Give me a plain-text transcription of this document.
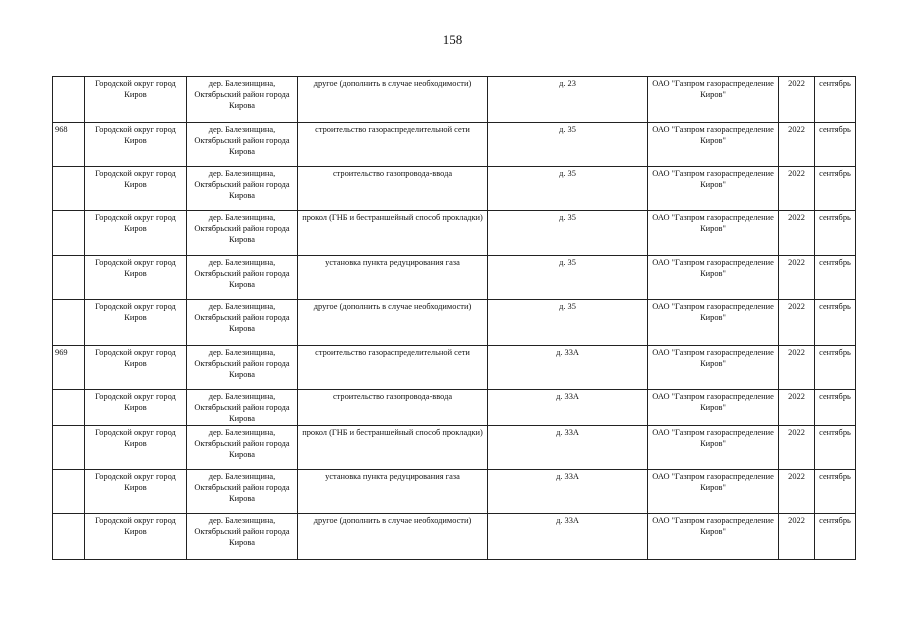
158
	Городской округ город Киров	дер. Балезинщина, Октябрьский район города Кирова	другое (дополнить в случае необходимости)	д. 23	ОАО "Газпром газораспределение Киров"	2022	сентябрь
968	Городской округ город Киров	дер. Балезинщина, Октябрьский район города Кирова	строительство газораспределительной сети	д. 35	ОАО "Газпром газораспределение Киров"	2022	сентябрь
	Городской округ город Киров	дер. Балезинщина, Октябрьский район города Кирова	строительство газопровода-ввода	д. 35	ОАО "Газпром газораспределение Киров"	2022	сентябрь
	Городской округ город Киров	дер. Балезинщина, Октябрьский район города Кирова	прокол (ГНБ и бестраншейный способ прокладки)	д. 35	ОАО "Газпром газораспределение Киров"	2022	сентябрь
	Городской округ город Киров	дер. Балезинщина, Октябрьский район города Кирова	установка пункта редуцирования газа	д. 35	ОАО "Газпром газораспределение Киров"	2022	сентябрь
	Городской округ город Киров	дер. Балезинщина, Октябрьский район города Кирова	другое (дополнить в случае необходимости)	д. 35	ОАО "Газпром газораспределение Киров"	2022	сентябрь
969	Городской округ город Киров	дер. Балезинщина, Октябрьский район города Кирова	строительство газораспределительной сети	д. 33А	ОАО "Газпром газораспределение Киров"	2022	сентябрь
	Городской округ город Киров	дер. Балезинщина, Октябрьский район города Кирова	строительство газопровода-ввода	д. 33А	ОАО "Газпром газораспределение Киров"	2022	сентябрь
	Городской округ город Киров	дер. Балезинщина, Октябрьский район города Кирова	прокол (ГНБ и бестраншейный способ прокладки)	д. 33А	ОАО "Газпром газораспределение Киров"	2022	сентябрь
	Городской округ город Киров	дер. Балезинщина, Октябрьский район города Кирова	установка пункта редуцирования газа	д. 33А	ОАО "Газпром газораспределение Киров"	2022	сентябрь
	Городской округ город Киров	дер. Балезинщина, Октябрьский район города Кирова	другое (дополнить в случае необходимости)	д. 33А	ОАО "Газпром газораспределение Киров"	2022	сентябрь
